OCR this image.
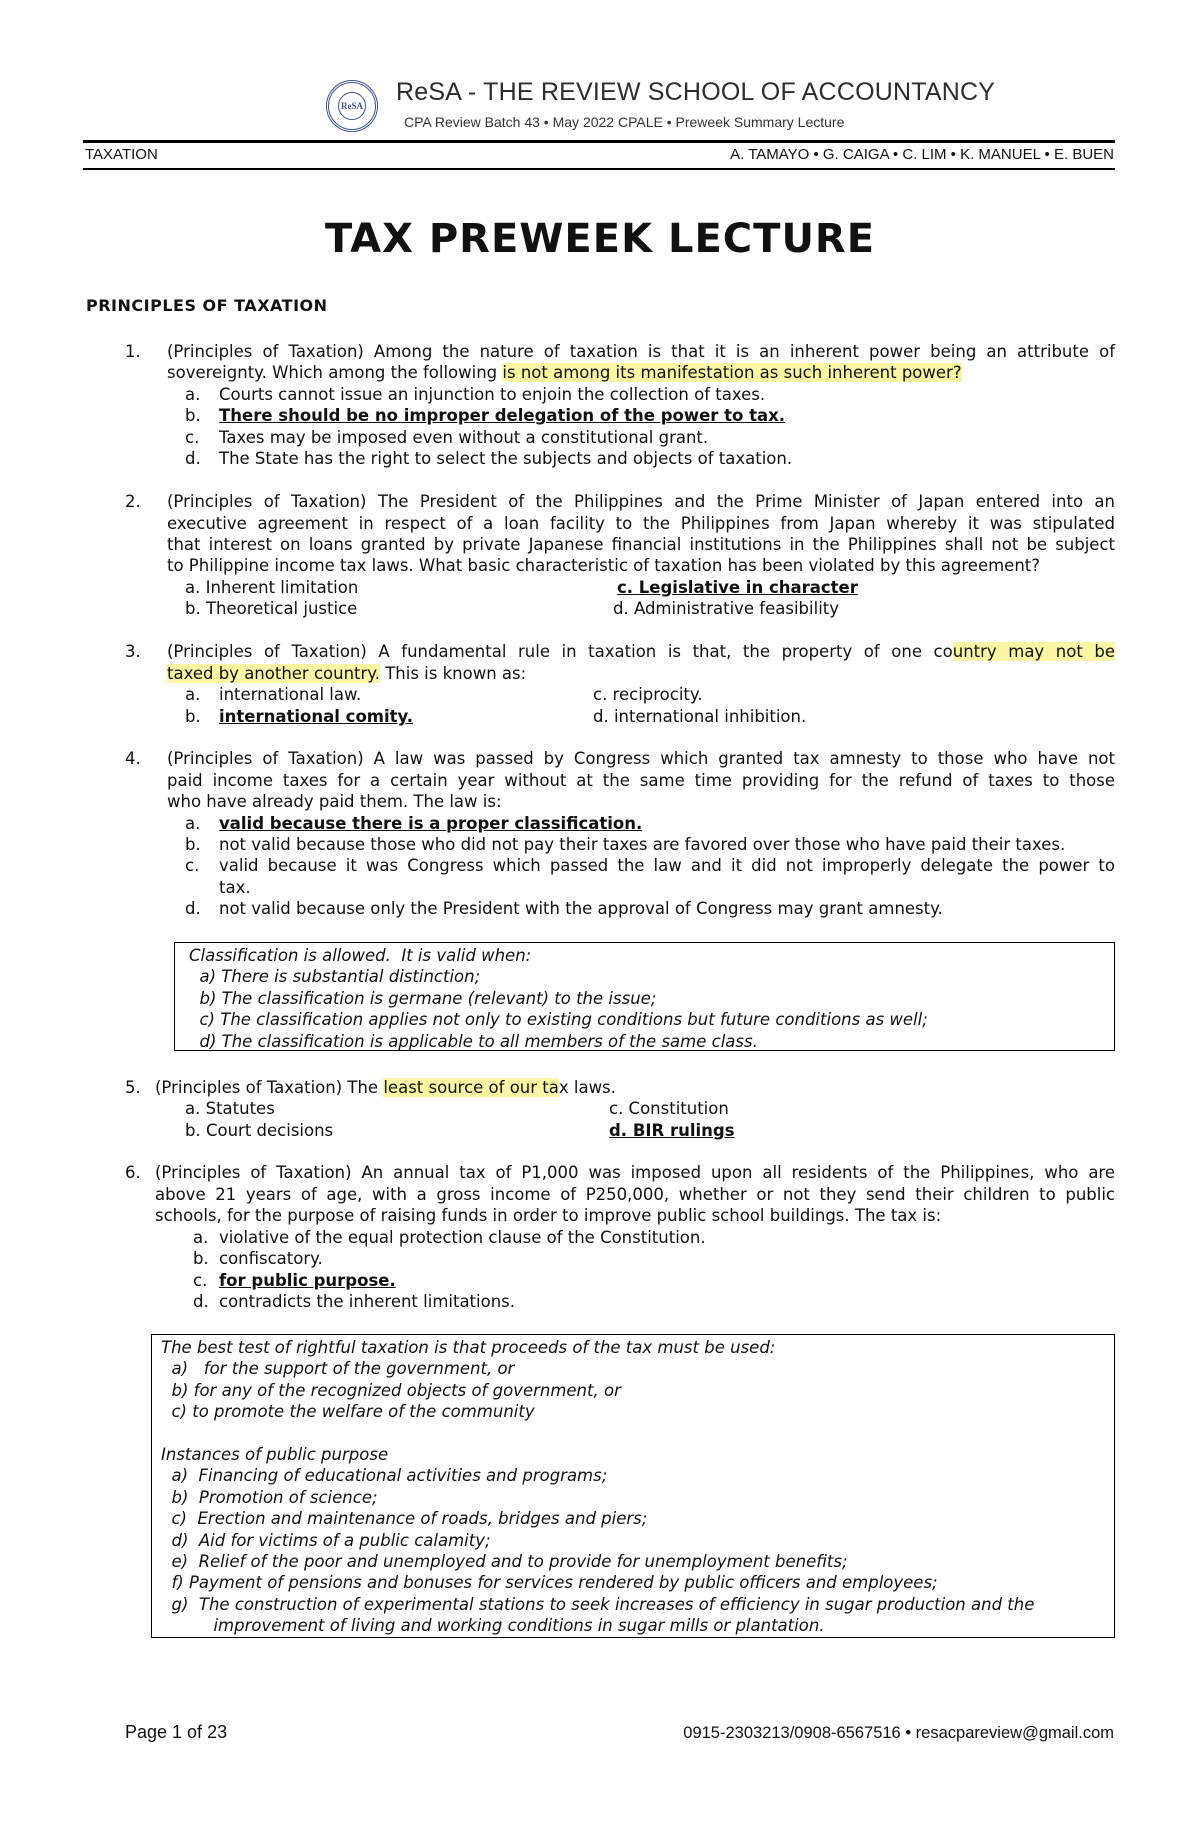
ReSA	ReSA - THE REVIEW SCHOOL OF ACCOUNTANCY
CPA Review Batch 43 • May 2022 CPALE • Preweek Summary Lecture
TAXATION	A. TAMAYO • G. CAIGA • C. LIM • K. MANUEL • E. BUEN
TAX PREWEEK LECTURE
PRINCIPLES OF TAXATION
1. (Principles of Taxation) Among the nature of taxation is that it is an inherent power being an attribute of
sovereignty. Which among the following is not among its manifestation as such inherent power?
a. Courts cannot issue an injunction to enjoin the collection of taxes.
b. There should be no improper delegation of the power to tax.
c. Taxes may be imposed even without a constitutional grant.
d. The State has the right to select the subjects and objects of taxation.
2. (Principles of Taxation) The President of the Philippines and the Prime Minister of Japan entered into an
executive agreement in respect of a loan facility to the Philippines from Japan whereby it was stipulated
that interest on loans granted by private Japanese financial institutions in the Philippines shall not be subject
to Philippine income tax laws. What basic characteristic of taxation has been violated by this agreement?
a. Inherent limitation	c. Legislative in character
b. Theoretical justice	d. Administrative feasibility
3. (Principles of Taxation) A fundamental rule in taxation is that, the property of one country may not be
taxed by another country. This is known as:
a. international law.	c. reciprocity.
b. international comity.	d. international inhibition.
4. (Principles of Taxation) A law was passed by Congress which granted tax amnesty to those who have not
paid income taxes for a certain year without at the same time providing for the refund of taxes to those
who have already paid them. The law is:
a. valid because there is a proper classification.
b. not valid because those who did not pay their taxes are favored over those who have paid their taxes.
c. valid because it was Congress which passed the law and it did not improperly delegate the power to
tax.
d. not valid because only the President with the approval of Congress may grant amnesty.
Classification is allowed.  It is valid when:
a) There is substantial distinction;
b) The classification is germane (relevant) to the issue;
c) The classification applies not only to existing conditions but future conditions as well;
d) The classification is applicable to all members of the same class.
5. (Principles of Taxation) The least source of our tax laws.
a. Statutes	c. Constitution
b. Court decisions	d. BIR rulings
6. (Principles of Taxation) An annual tax of P1,000 was imposed upon all residents of the Philippines, who are
above 21 years of age, with a gross income of P250,000, whether or not they send their children to public
schools, for the purpose of raising funds in order to improve public school buildings. The tax is:
a. violative of the equal protection clause of the Constitution.
b. confiscatory.
c. for public purpose.
d. contradicts the inherent limitations.
The best test of rightful taxation is that proceeds of the tax must be used:
a)   for the support of the government, or
b) for any of the recognized objects of government, or
c) to promote the welfare of the community
Instances of public purpose
a)  Financing of educational activities and programs;
b)  Promotion of science;
c)  Erection and maintenance of roads, bridges and piers;
d)  Aid for victims of a public calamity;
e)  Relief of the poor and unemployed and to provide for unemployment benefits;
f) Payment of pensions and bonuses for services rendered by public officers and employees;
g)  The construction of experimental stations to seek increases of efficiency in sugar production and the
improvement of living and working conditions in sugar mills or plantation.
Page 1 of 23	0915-2303213/0908-6567516 • resacpareview@gmail.com
